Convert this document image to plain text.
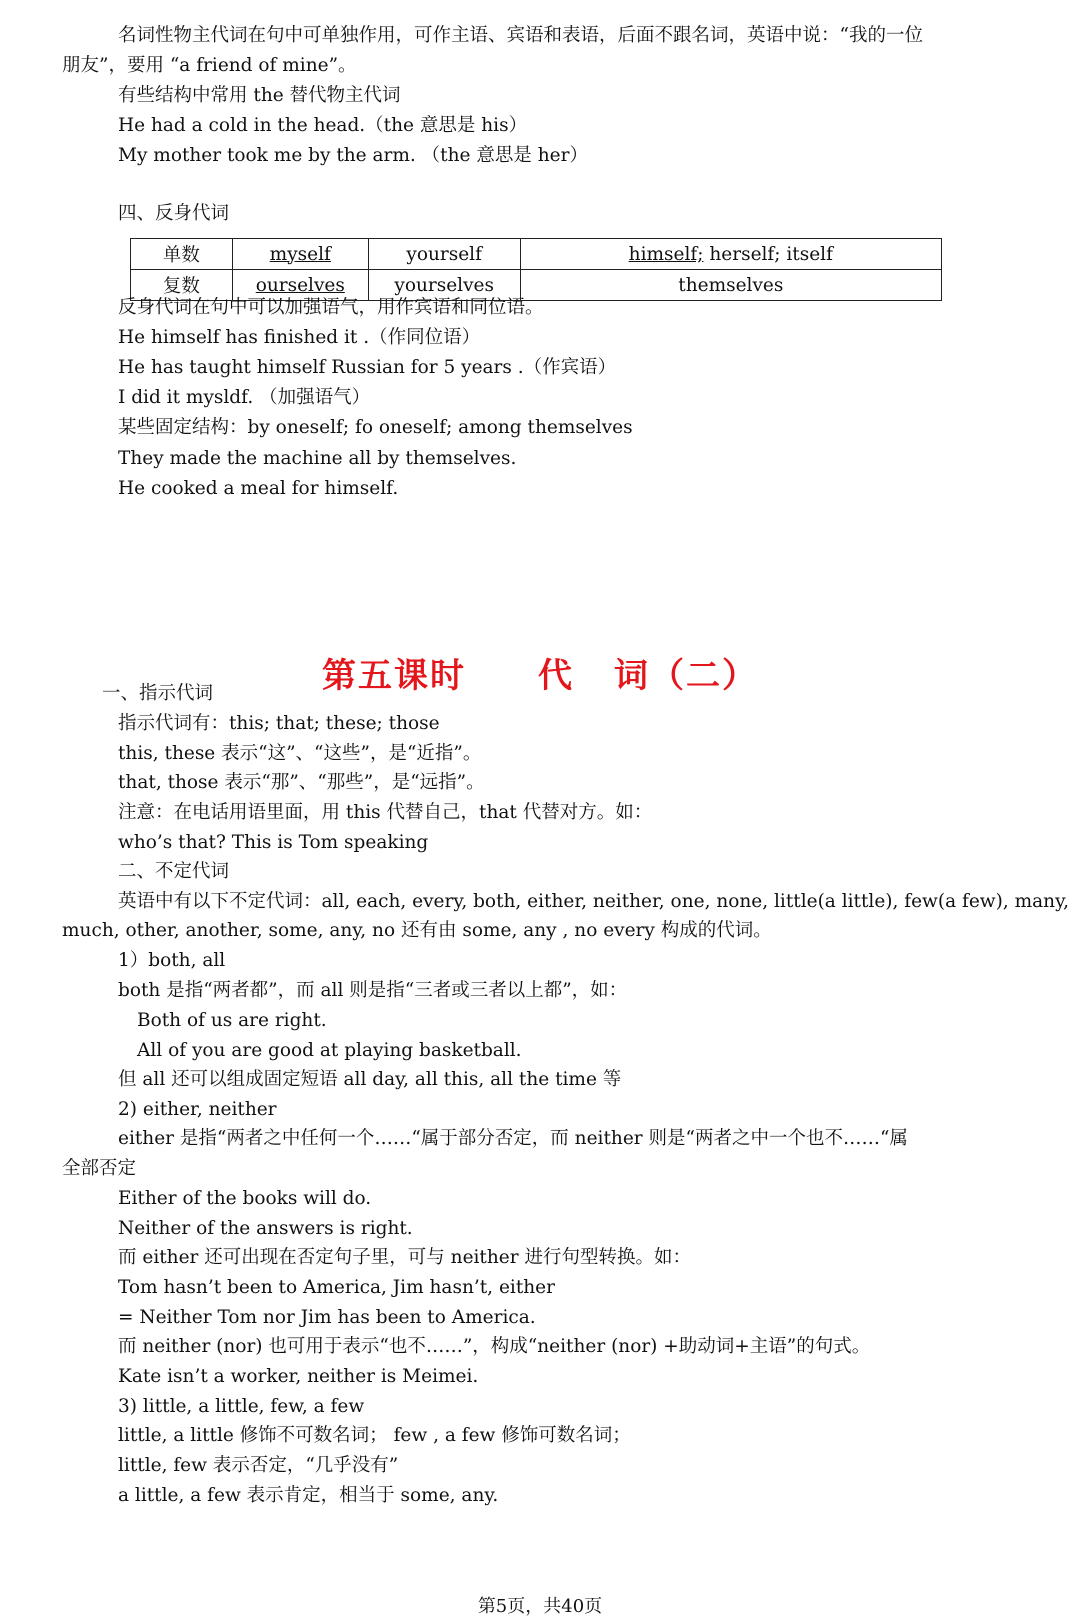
名词性物主代词在句中可单独作用，可作主语、宾语和表语，后面不跟名词，英语中说：“我的一位
朋友”，要用 “a friend of mine”。
有些结构中常用 the 替代物主代词
He had a cold in the head.（the 意思是 his）
My mother took me by the arm. （the 意思是 her）
四、反身代词
单数	myself	yourself	himself; herself; itself
复数	ourselves	yourselves	themselves
反身代词在句中可以加强语气，用作宾语和同位语。
He himself has finished it .（作同位语）
He has taught himself Russian for 5 years .（作宾语）
I did it mysldf. （加强语气）
某些固定结构：by oneself; fo oneself; among themselves
They made the machine all by themselves.
He cooked a meal for himself.
第五课时 代 词（二）
一、指示代词
指示代词有：this; that; these; those
this, these 表示“这”、“这些”，是“近指”。
that, those 表示“那”、“那些”，是“远指”。
注意：在电话用语里面，用 this 代替自己，that 代替对方。如：
who’s that? This is Tom speaking
二、不定代词
英语中有以下不定代词：all, each, every, both, either, neither, one, none, little(a little), few(a few), many,
much, other, another, some, any, no 还有由 some, any , no every 构成的代词。
1）both, all
both 是指“两者都”，而 all 则是指“三者或三者以上都”，如：
Both of us are right.
All of you are good at playing basketball.
但 all 还可以组成固定短语 all day, all this, all the time 等
2) either, neither
either 是指“两者之中任何一个……“属于部分否定，而 neither 则是“两者之中一个也不……“属
全部否定
Either of the books will do.
Neither of the answers is right.
而 either 还可出现在否定句子里，可与 neither 进行句型转换。如：
Tom hasn’t been to America, Jim hasn’t, either
= Neither Tom nor Jim has been to America.
而 neither (nor) 也可用于表示“也不……”，构成“neither (nor) +助动词+主语”的句式。
Kate isn’t a worker, neither is Meimei.
3) little, a little, few, a few
little, a little 修饰不可数名词； few , a few 修饰可数名词；
little, few 表示否定，“几乎没有”
a little, a few 表示肯定，相当于 some, any.
第5页，共40页
